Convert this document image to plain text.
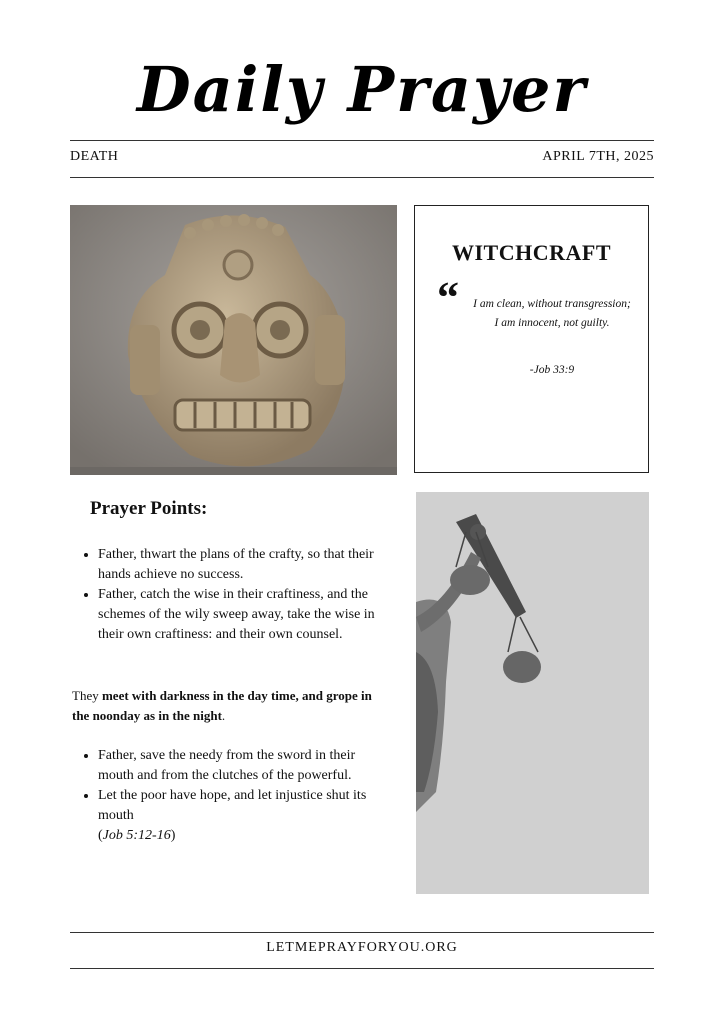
Daily Prayer
DEATH	APRIL 7TH, 2025
WITCHCRAFT
“ I am clean, without transgression; I am innocent, not guilty.
-Job 33:9
Prayer Points:
• Father, thwart the plans of the crafty, so that their hands achieve no success.
• Father, catch the wise in their craftiness, and the schemes of the wily sweep away, take the wise in their own craftiness: and their own counsel.
They meet with darkness in the day time, and grope in the noonday as in the night.
• Father, save the needy from the sword in their mouth and from the clutches of the powerful.
• Let the poor have hope, and let injustice shut its mouth
(Job 5:12-16)
LETMEPRAYFORYOU.ORG
